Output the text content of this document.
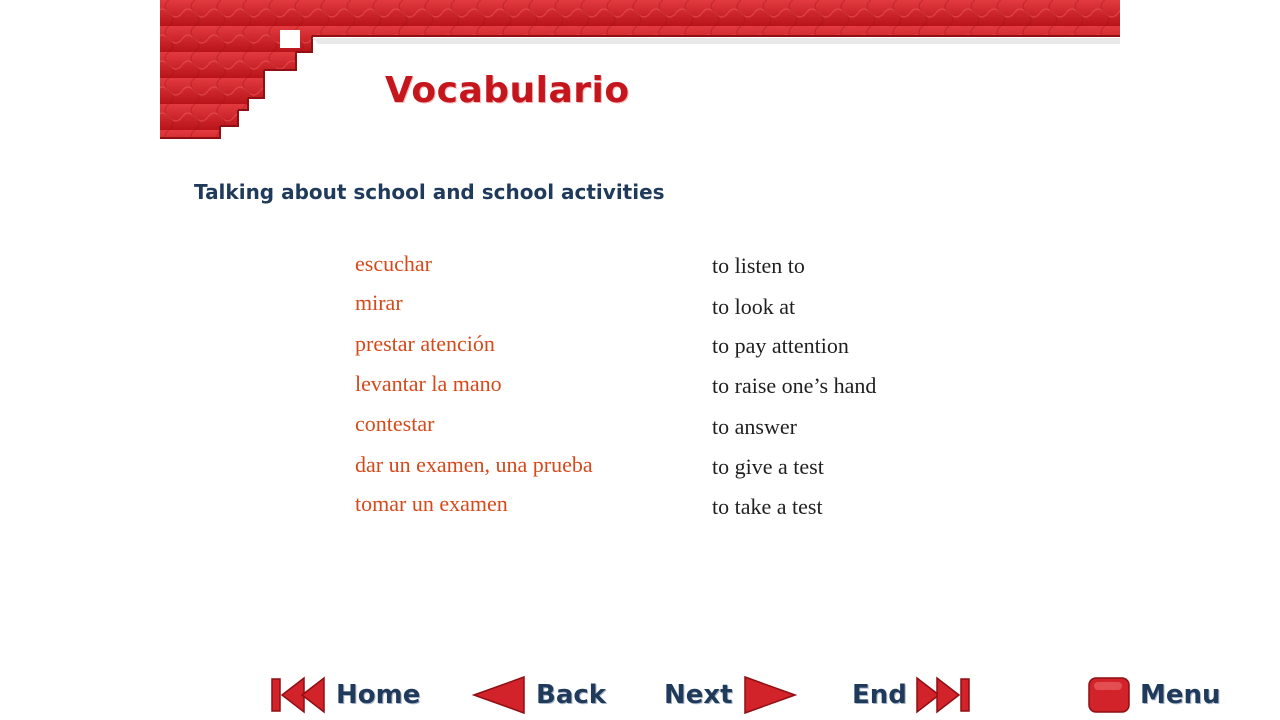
Vocabulario
Talking about school and school activities
escuchar	to listen to
mirar	to look at
prestar atención	to pay attention
levantar la mano	to raise one’s hand
contestar	to answer
dar un examen, una prueba	to give a test
tomar un examen	to take a test
Home	Back Next	End	Menu
